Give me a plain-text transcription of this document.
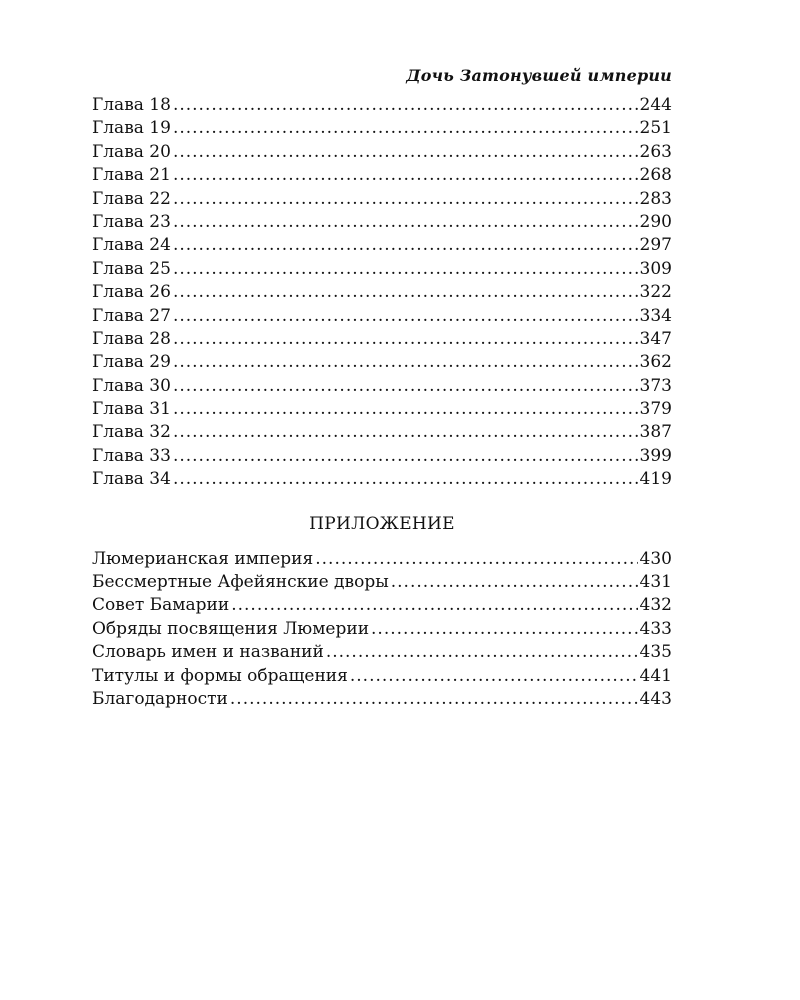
Дочь Затонувшей империи
Глава 18 .....	244
Глава 19 .....	251
Глава 20 .....	263
Глава 21 .....	268
Глава 22 .....	283
Глава 23 .....	290
Глава 24 .....	297
Глава 25 .....	309
Глава 26 .....	322
Глава 27 .....	334
Глава 28 .....	347
Глава 29 .....	362
Глава 30 .....	373
Глава 31 .....	379
Глава 32 .....	387
Глава 33 .....	399
Глава 34 .....	419
ПРИЛОЖЕНИЕ
Люмерианская империя .....	430
Бессмертные Афейянские дворы .....	431
Совет Бамарии .....	432
Обряды посвящения Люмерии .....	433
Словарь имен и названий .....	435
Титулы и формы обращения .....	441
Благодарности .....	443
